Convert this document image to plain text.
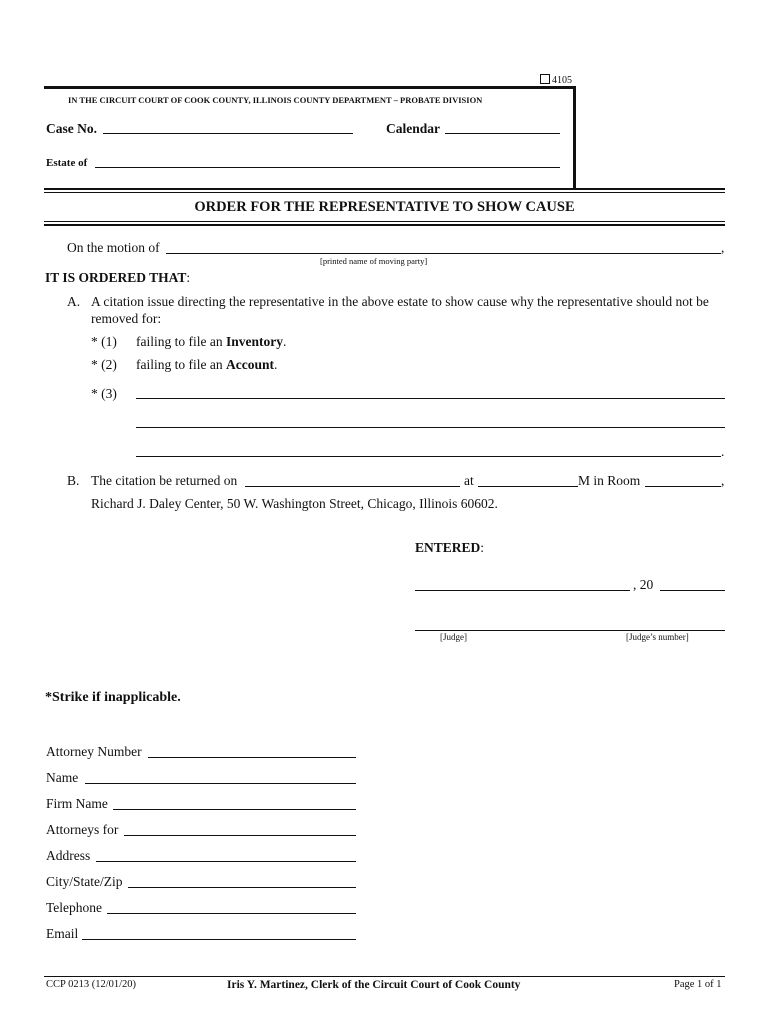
4105
IN THE CIRCUIT COURT OF COOK COUNTY, ILLINOIS COUNTY DEPARTMENT – PROBATE DIVISION
Case No.	Calendar
Estate of
ORDER FOR THE REPRESENTATIVE TO SHOW CAUSE
On the motion of	,
[printed name of moving party]
IT IS ORDERED THAT:
A. A citation issue directing the representative in the above estate to show cause why the representative should not be
removed for:
* (1) failing to file an Inventory.
* (2) failing to file an Account.
* (3)
.
B. The citation be returned on	at	M in Room	,
Richard J. Daley Center, 50 W. Washington Street, Chicago, Illinois 60602.
ENTERED:
, 20
[Judge]	[Judge’s number]
*Strike if inapplicable.
Attorney Number
Name
Firm Name
Attorneys for
Address
City/State/Zip
Telephone
Email
CCP 0213 (12/01/20)	Iris Y. Martinez, Clerk of the Circuit Court of Cook County	Page 1 of 1
